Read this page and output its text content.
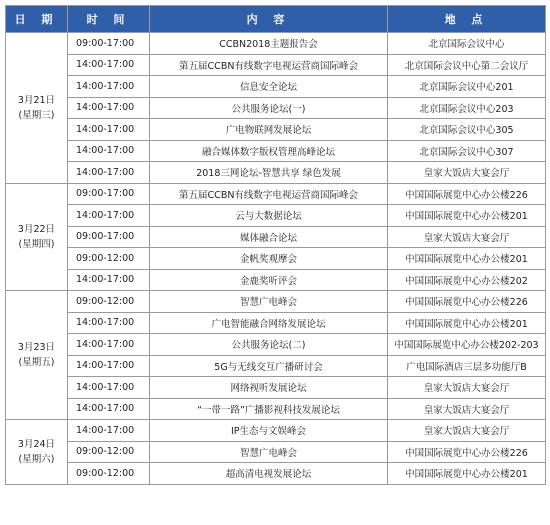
日 期	时 间	内 容	地 点

3月21日
(星期三)	09:00-17:00	CCBN2018主题报告会	北京国际会议中心
	14:00-17:00	第五届CCBN有线数字电视运营商国际峰会	北京国际会议中心第二会议厅
	14:00-17:00	信息安全论坛	北京国际会议中心201
	14:00-17:00	公共服务论坛(一)	北京国际会议中心203
	14:00-17:00	广电物联网发展论坛	北京国际会议中心305
	14:00-17:00	融合媒体数字版权管理高峰论坛	北京国际会议中心307
	14:00-17:00	2018三网论坛-智慧共享 绿色发展	皇家大饭店大宴会厅

3月22日
(星期四)	09:00-17:00	第五届CCBN有线数字电视运营商国际峰会	中国国际展览中心办公楼226
	14:00-17:00	云与大数据论坛	中国国际展览中心办公楼201
	09:00-17:00	媒体融合论坛	皇家大饭店大宴会厅
	09:00-12:00	金帆奖观摩会	中国国际展览中心办公楼201
	14:00-17:00	金鹿奖听评会	中国国际展览中心办公楼202

3月23日
(星期五)	09:00-12:00	智慧广电峰会	中国国际展览中心办公楼226
	14:00-17:00	广电智能融合网络发展论坛	中国国际展览中心办公楼201
	14:00-17:00	公共服务论坛(二)	中国国际展览中心办公楼202-203
	14:00-17:00	5G与无线交互广播研讨会	广电国际酒店三层多功能厅B
	14:00-17:00	网络视听发展论坛	皇家大饭店大宴会厅
	14:00-17:00	“一带一路”广播影视科技发展论坛	皇家大饭店大宴会厅

3月24日
(星期六)	14:00-17:00	IP生态与文娱峰会	皇家大饭店大宴会厅
	09:00-12:00	智慧广电峰会	中国国际展览中心办公楼226
	09:00-12:00	超高清电视发展论坛	中国国际展览中心办公楼201
